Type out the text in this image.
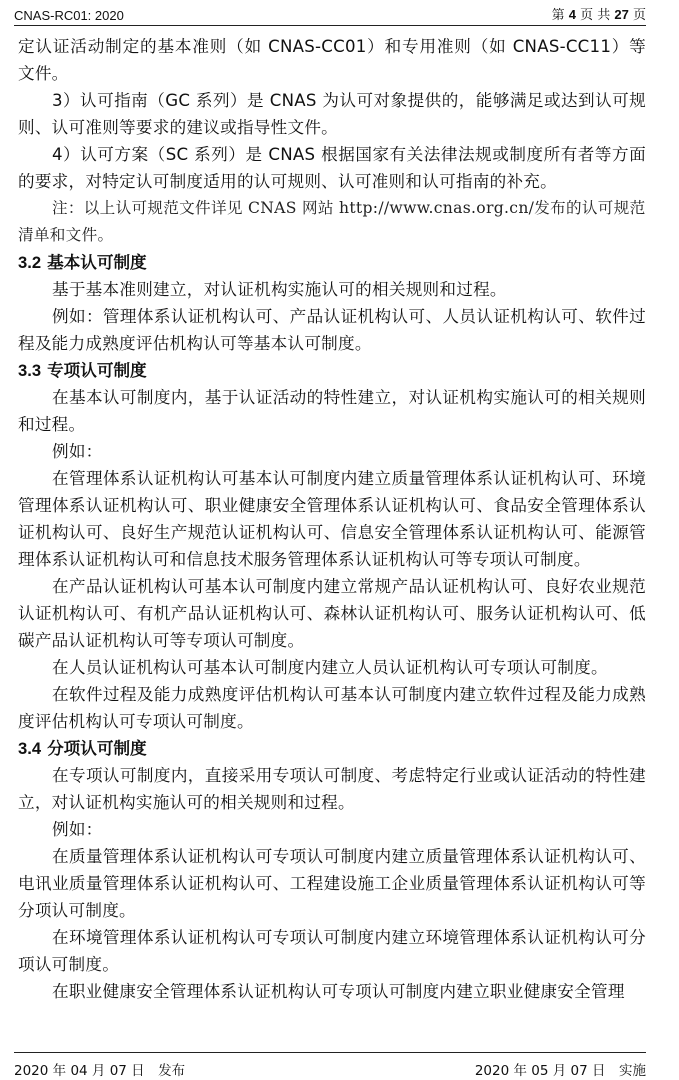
CNAS-RC01: 2020	第 4 页 共 27 页

定认证活动制定的基本准则（如 CNAS-CC01）和专用准则（如 CNAS-CC11）等文件。

3）认可指南（GC 系列）是 CNAS 为认可对象提供的，能够满足或达到认可规则、认可准则等要求的建议或指导性文件。

4）认可方案（SC 系列）是 CNAS 根据国家有关法律法规或制度所有者等方面的要求，对特定认可制度适用的认可规则、认可准则和认可指南的补充。

注：以上认可规范文件详见 CNAS 网站 http://www.cnas.org.cn/发布的认可规范清单和文件。

3.2 基本认可制度

基于基本准则建立，对认证机构实施认可的相关规则和过程。

例如：管理体系认证机构认可、产品认证机构认可、人员认证机构认可、软件过程及能力成熟度评估机构认可等基本认可制度。

3.3 专项认可制度

在基本认可制度内，基于认证活动的特性建立，对认证机构实施认可的相关规则和过程。

例如：

在管理体系认证机构认可基本认可制度内建立质量管理体系认证机构认可、环境管理体系认证机构认可、职业健康安全管理体系认证机构认可、食品安全管理体系认证机构认可、良好生产规范认证机构认可、信息安全管理体系认证机构认可、能源管理体系认证机构认可和信息技术服务管理体系认证机构认可等专项认可制度。

在产品认证机构认可基本认可制度内建立常规产品认证机构认可、良好农业规范认证机构认可、有机产品认证机构认可、森林认证机构认可、服务认证机构认可、低碳产品认证机构认可等专项认可制度。

在人员认证机构认可基本认可制度内建立人员认证机构认可专项认可制度。

在软件过程及能力成熟度评估机构认可基本认可制度内建立软件过程及能力成熟度评估机构认可专项认可制度。

3.4 分项认可制度

在专项认可制度内，直接采用专项认可制度、考虑特定行业或认证活动的特性建立，对认证机构实施认可的相关规则和过程。

例如：

在质量管理体系认证机构认可专项认可制度内建立质量管理体系认证机构认可、电讯业质量管理体系认证机构认可、工程建设施工企业质量管理体系认证机构认可等分项认可制度。

在环境管理体系认证机构认可专项认可制度内建立环境管理体系认证机构认可分项认可制度。

在职业健康安全管理体系认证机构认可专项认可制度内建立职业健康安全管理

2020 年 04 月 07 日　发布	2020 年 05 月 07 日　实施
